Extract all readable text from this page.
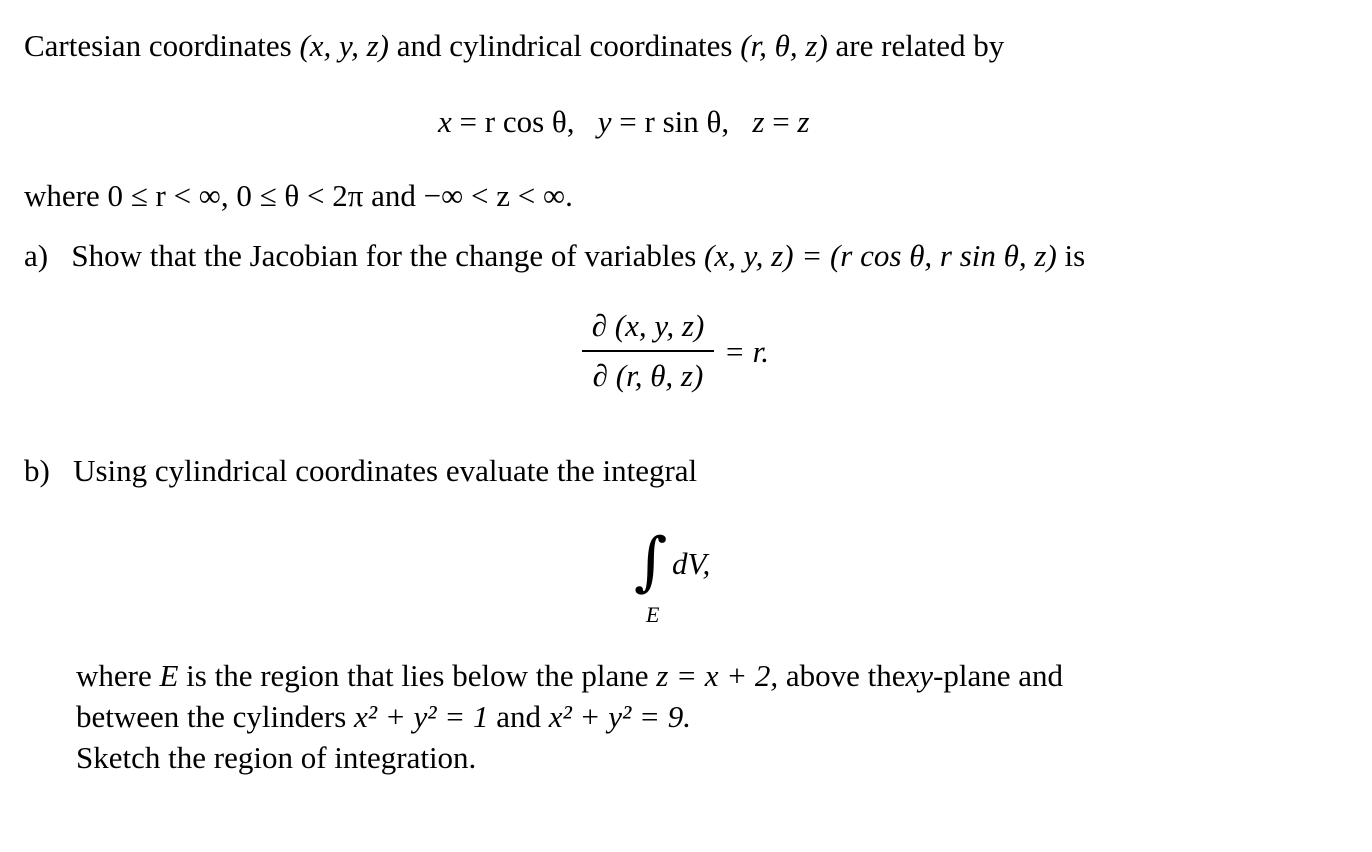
Cartesian coordinates (x, y, z) and cylindrical coordinates (r, θ, z) are related by
x = r cos θ, y = r sin θ, z = z
where 0 ≤ r < ∞, 0 ≤ θ < 2π and −∞ < z < ∞.
a) Show that the Jacobian for the change of variables (x, y, z) = (r cos θ, r sin θ, z) is
∂ (x, y, z)
∂ (r, θ, z)
= r.
b) Using cylindrical coordinates evaluate the integral
∫ dV,
E
where E is the region that lies below the plane z = x + 2, above thexy-plane and
between the cylinders x² + y² = 1 and x² + y² = 9.
Sketch the region of integration.
